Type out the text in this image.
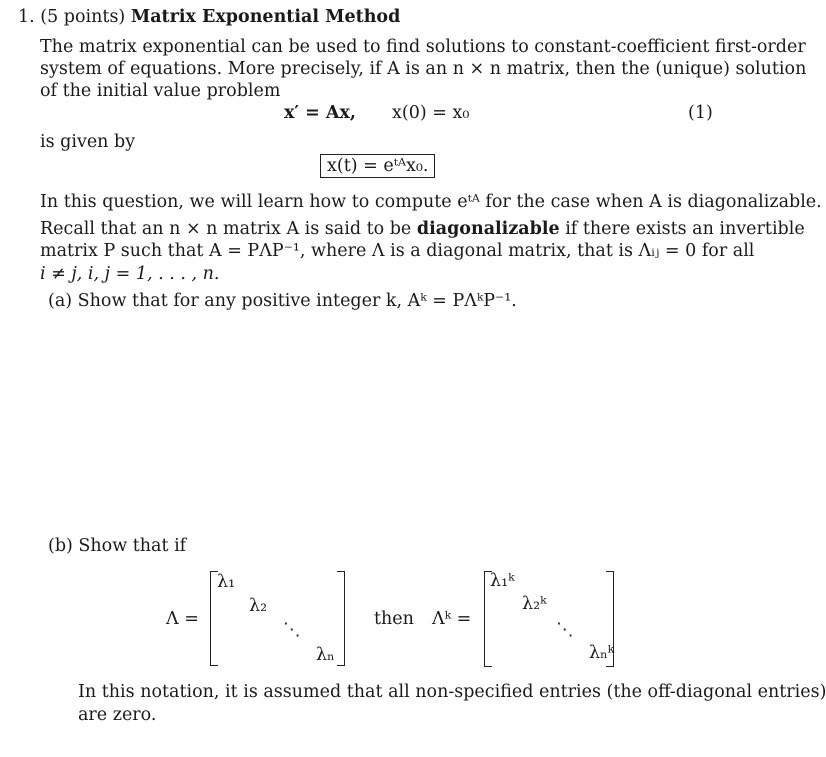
1. (5 points) Matrix Exponential Method
The matrix exponential can be used to find solutions to constant-coefficient first-order
system of equations. More precisely, if A is an n × n matrix, then the (unique) solution
of the initial value problem
x′ = Ax, x(0) = x₀	(1)
is given by
x(t) = eᵗᴬx₀.
In this question, we will learn how to compute eᵗᴬ for the case when A is diagonalizable.
Recall that an n × n matrix A is said to be diagonalizable if there exists an invertible
matrix P such that A = PΛP⁻¹, where Λ is a diagonal matrix, that is Λᵢⱼ = 0 for all
i ≠ j, i, j = 1, . . . , n.
(a) Show that for any positive integer k, Aᵏ = PΛᵏP⁻¹.
(b) Show that if
Λ =
λ₁
λ₂
⋱
λₙ
then Λᵏ =
λ₁ᵏ
λ₂ᵏ
⋱
λₙᵏ
In this notation, it is assumed that all non-specified entries (the off-diagonal entries)
are zero.
